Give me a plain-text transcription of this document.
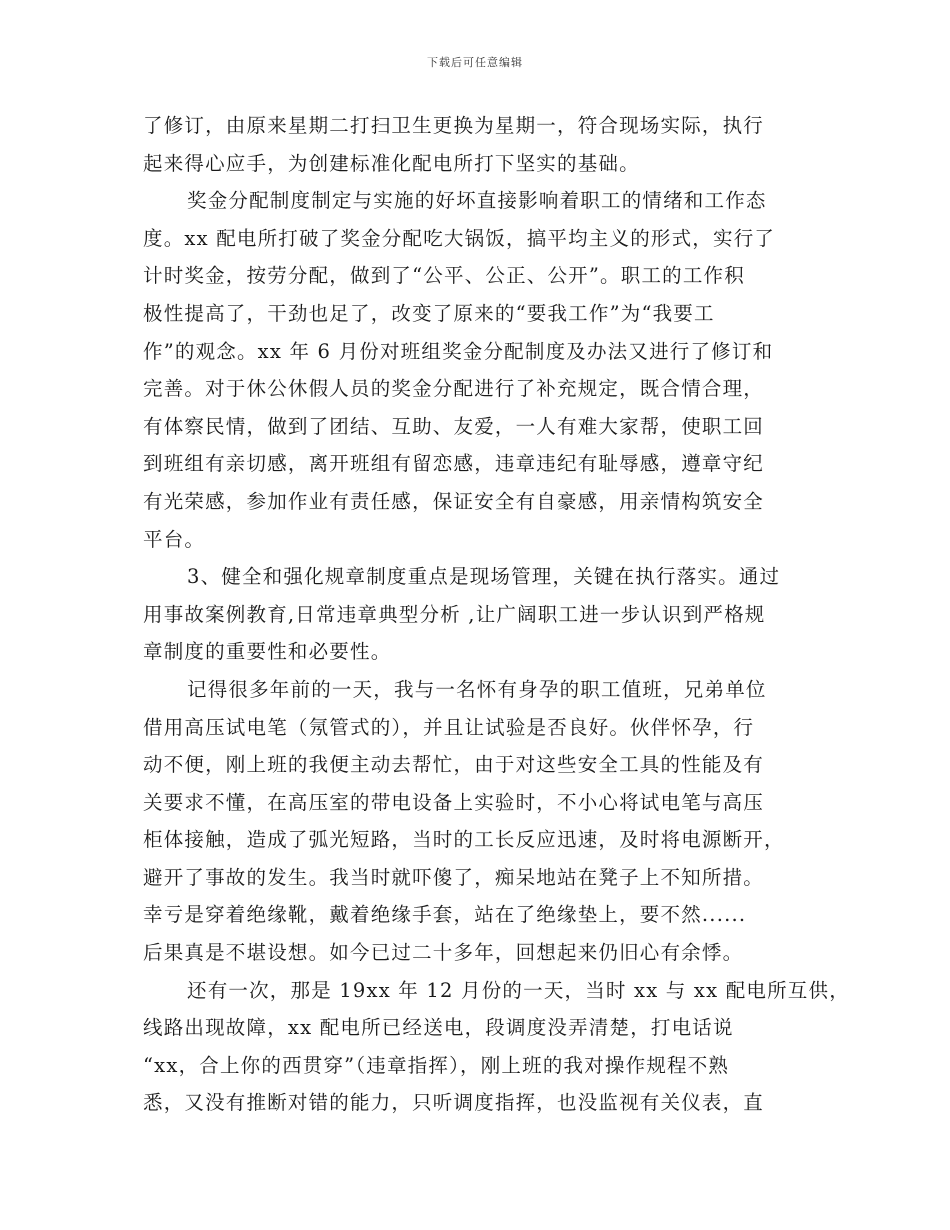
下载后可任意编辑
了修订，由原来星期二打扫卫生更换为星期一，符合现场实际，执行
起来得心应手，为创建标准化配电所打下坚实的基础。
奖金分配制度制定与实施的好坏直接影响着职工的情绪和工作态
度。xx 配电所打破了奖金分配吃大锅饭，搞平均主义的形式，实行了
计时奖金，按劳分配，做到了“公平、公正、公开”。职工的工作积
极性提高了，干劲也足了，改变了原来的“要我工作”为“我要工
作”的观念。xx 年 6 月份对班组奖金分配制度及办法又进行了修订和
完善。对于休公休假人员的奖金分配进行了补充规定，既合情合理，
有体察民情，做到了团结、互助、友爱，一人有难大家帮，使职工回
到班组有亲切感，离开班组有留恋感，违章违纪有耻辱感，遵章守纪
有光荣感，参加作业有责任感，保证安全有自豪感，用亲情构筑安全
平台。
3、健全和强化规章制度重点是现场管理，关键在执行落实。通过
用事故案例教育,日常违章典型分析 ,让广阔职工进一步认识到严格规
章制度的重要性和必要性。
记得很多年前的一天，我与一名怀有身孕的职工值班，兄弟单位
借用高压试电笔（氖管式的），并且让试验是否良好。伙伴怀孕，行
动不便，刚上班的我便主动去帮忙，由于对这些安全工具的性能及有
关要求不懂，在高压室的带电设备上实验时，不小心将试电笔与高压
柜体接触，造成了弧光短路，当时的工长反应迅速，及时将电源断开，
避开了事故的发生。我当时就吓傻了，痴呆地站在凳子上不知所措。
幸亏是穿着绝缘靴，戴着绝缘手套，站在了绝缘垫上，要不然......
后果真是不堪设想。如今已过二十多年，回想起来仍旧心有余悸。
还有一次，那是 19xx 年 12 月份的一天，当时 xx 与 xx 配电所互供，
线路出现故障，xx 配电所已经送电，段调度没弄清楚，打电话说
“xx，合上你的西贯穿”（违章指挥），刚上班的我对操作规程不熟
悉，又没有推断对错的能力，只听调度指挥，也没监视有关仪表，直
